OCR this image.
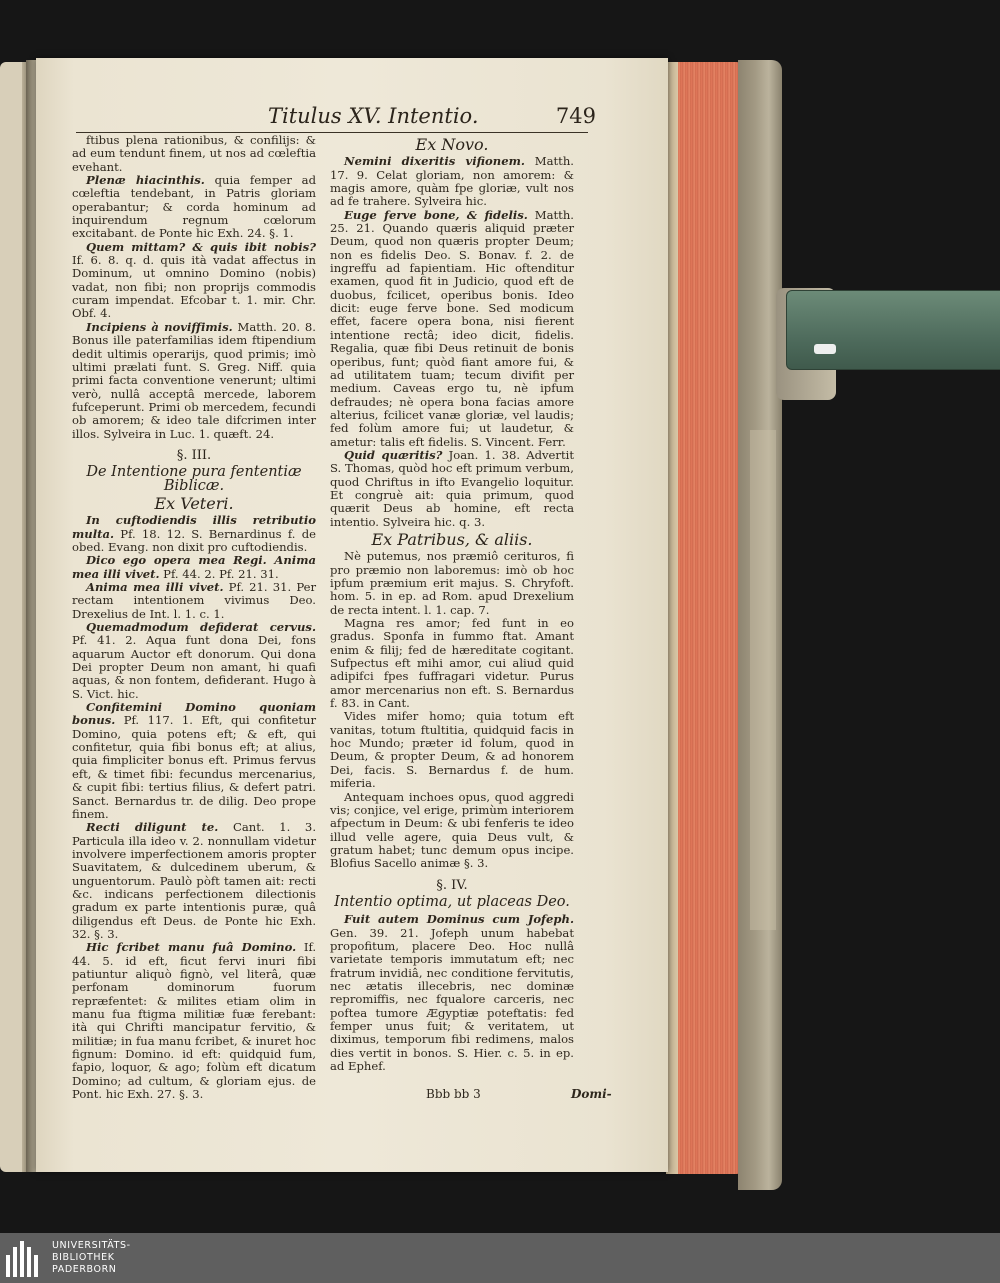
Titulus XV. Intentio.	749

ftibus plena rationibus, & confilijs: & ad eum tendunt finem, ut nos ad cœleftia evehant.

Plenæ hiacinthis. quia femper ad cœleftia tendebant, in Patris gloriam operabantur; & corda hominum ad inquirendum regnum cœlorum excitabant. de Ponte hic Exh. 24. §. 1.

Quem mittam? & quis ibit nobis? If. 6. 8. q. d. quis ità vadat affectus in Dominum, ut omnino Domino (nobis) vadat, non fibi; non proprijs commodis curam impendat. Efcobar t. 1. mir. Chr. Obf. 4.

Incipiens à noviffimis. Matth. 20. 8. Bonus ille paterfamilias idem ftipendium dedit ultimis operarijs, quod primis; imò ultimi prælati funt. S. Greg. Niff. quia primi facta conventione venerunt; ultimi verò, nullâ acceptâ mercede, laborem fufceperunt. Primi ob mercedem, fecundi ob amorem; & ideo tale difcrimen inter illos. Sylveira in Luc. 1. quæft. 24.

§. III.
De Intentione pura fententiæ Biblicæ.
Ex Veteri.

In cuftodiendis illis retributio multa. Pf. 18. 12. S. Bernardinus f. de obed. Evang. non dixit pro cuftodiendis.

Dico ego opera mea Regi. Anima mea illi vivet. Pf. 44. 2. Pf. 21. 31.

Anima mea illi vivet. Pf. 21. 31. Per rectam intentionem vivimus Deo. Drexelius de Int. l. 1. c. 1.

Quemadmodum defiderat cervus. Pf. 41. 2. Aqua funt dona Dei, fons aquarum Auctor eft donorum. Qui dona Dei propter Deum non amant, hi quafi aquas, & non fontem, defiderant. Hugo à S. Vict. hic.

Confitemini Domino quoniam bonus. Pf. 117. 1. Eft, qui confitetur Domino, quia potens eft; & eft, qui confitetur, quia fibi bonus eft; at alius, quia fimpliciter bonus eft. Primus fervus eft, & timet fibi: fecundus mercenarius, & cupit fibi: tertius filius, & defert patri. Sanct. Bernardus tr. de dilig. Deo prope finem.

Recti diligunt te. Cant. 1. 3. Particula illa ideo v. 2. nonnullam videtur involvere imperfectionem amoris propter Suavitatem, & dulcedinem uberum, & unguentorum. Paulò pòft tamen ait: recti &c. indicans perfectionem dilectionis gradum ex parte intentionis puræ, quâ diligendus eft Deus. de Ponte hic Exh. 32. §. 3.

Hic fcribet manu fuâ Domino. If. 44. 5. id eft, ficut fervi inuri fibi patiuntur aliquò fignò, vel literâ, quæ perfonam dominorum fuorum repræfentet: & milites etiam olim in manu fua ftigma militiæ fuæ ferebant: ità qui Chrifti mancipatur fervitio, & militiæ; in fua manu fcribet, & inuret hoc fignum: Domino. id eft: quidquid fum, fapio, loquor, & ago; folùm eft dicatum Domino; ad cultum, & gloriam ejus. de Pont. hic Exh. 27. §. 3.

Ex Novo.

Nemini dixeritis vifionem. Matth. 17. 9. Celat gloriam, non amorem: & magis amore, quàm fpe gloriæ, vult nos ad fe trahere. Sylveira hic.

Euge ferve bone, & fidelis. Matth. 25. 21. Quando quæris aliquid præter Deum, quod non quæris propter Deum; non es fidelis Deo. S. Bonav. f. 2. de ingreffu ad fapientiam. Hic oftenditur examen, quod fit in Judicio, quod eft de duobus, fcilicet, operibus bonis. Ideo dicit: euge ferve bone. Sed modicum effet, facere opera bona, nisi fierent intentione rectâ; ideo dicit, fidelis. Regalia, quæ fibi Deus retinuit de bonis operibus, funt; quòd fiant amore fui, & ad utilitatem tuam; tecum divifit per medium. Caveas ergo tu, nè ipfum defraudes; nè opera bona facias amore alterius, fcilicet vanæ gloriæ, vel laudis; fed folùm amore fui; ut laudetur, & ametur: talis eft fidelis. S. Vincent. Ferr.

Quid quæritis? Joan. 1. 38. Advertit S. Thomas, quòd hoc eft primum verbum, quod Chriftus in ifto Evangelio loquitur. Et congruè ait: quia primum, quod quærit Deus ab homine, eft recta intentio. Sylveira hic. q. 3.

Ex Patribus, & aliis.

Nè putemus, nos præmiô cerituros, fi pro præmio non laboremus: imò ob hoc ipfum præmium erit majus. S. Chryfoft. hom. 5. in ep. ad Rom. apud Drexelium de recta intent. l. 1. cap. 7.

Magna res amor; fed funt in eo gradus. Sponfa in fummo ftat. Amant enim & filij; fed de hæreditate cogitant. Sufpectus eft mihi amor, cui aliud quid adipifci fpes fuffragari videtur. Purus amor mercenarius non eft. S. Bernardus f. 83. in Cant.

Vides mifer homo; quia totum eft vanitas, totum ftultitia, quidquid facis in hoc Mundo; præter id folum, quod in Deum, & propter Deum, & ad honorem Dei, facis. S. Bernardus f. de hum. miferia.

Antequam inchoes opus, quod aggredi vis; conjice, vel erige, primùm interiorem afpectum in Deum: & ubi fenferis te ideo illud velle agere, quia Deus vult, & gratum habet; tunc demum opus incipe. Blofius Sacello animæ §. 3.

§. IV.
Intentio optima, ut placeas Deo.

Fuit autem Dominus cum Jofeph. Gen. 39. 21. Jofeph unum habebat propofitum, placere Deo. Hoc nullâ varietate temporis immutatum eft; nec fratrum invidiâ, nec conditione fervitutis, nec ætatis illecebris, nec dominæ repromiffis, nec fqualore carceris, nec poftea tumore Ægyptiæ poteftatis: fed femper unus fuit; & veritatem, ut diximus, temporum fibi redimens, malos dies vertit in bonos. S. Hier. c. 5. in ep. ad Ephef.

Bbb bb 3	Domi-
UNIVERSITÄTS-
BIBLIOTHEK
PADERBORN
